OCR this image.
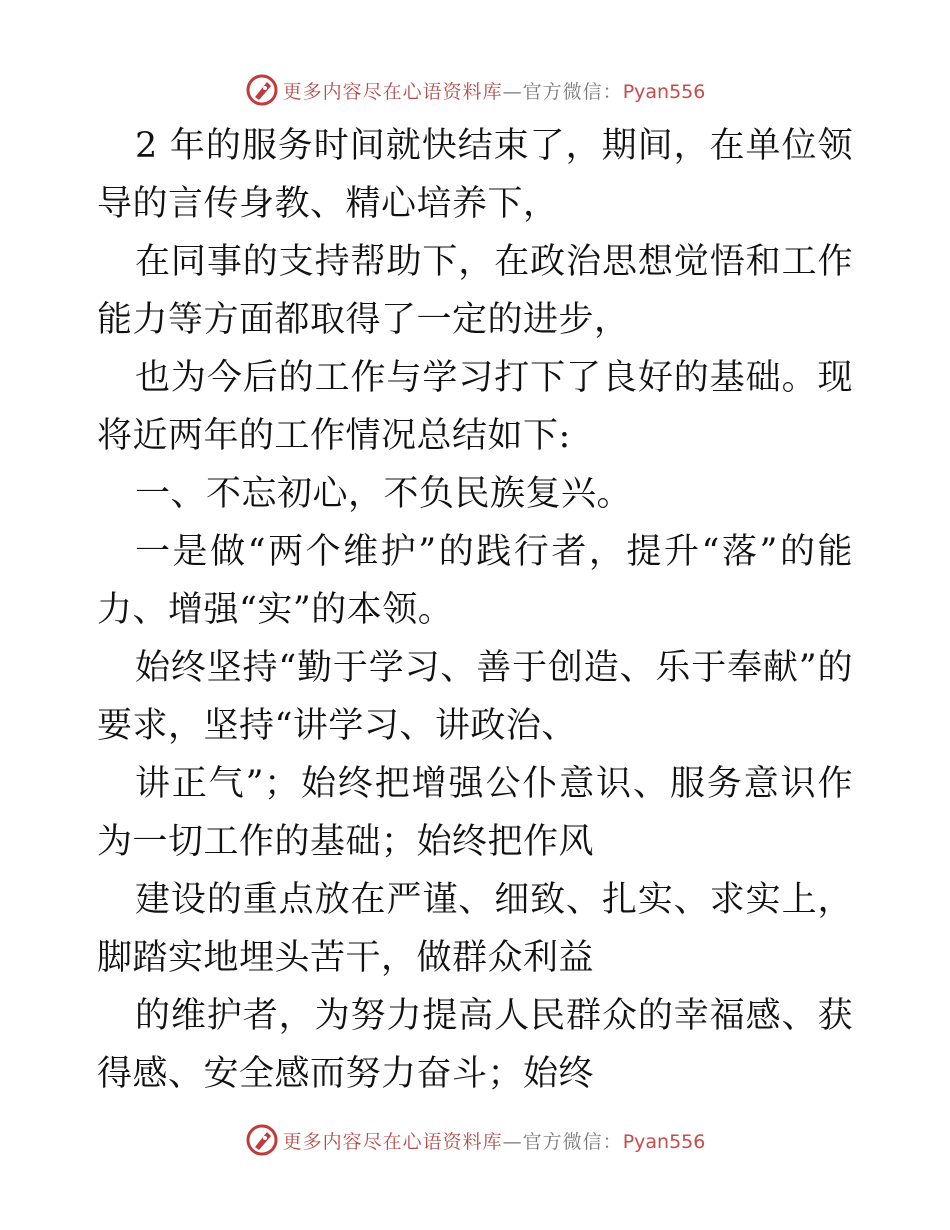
更多内容尽在心语资料库—官方微信：Pyan556

2 年的服务时间就快结束了，期间，在单位领导的言传身教、精心培养下，

在同事的支持帮助下，在政治思想觉悟和工作能力等方面都取得了一定的进步，

也为今后的工作与学习打下了良好的基础。现将近两年的工作情况总结如下:

一、不忘初心，不负民族复兴。

一是做“两个维护”的践行者，提升“落”的能力、增强“实”的本领。

始终坚持“勤于学习、善于创造、乐于奉献”的要求，坚持“讲学习、讲政治、

讲正气”；始终把增强公仆意识、服务意识作为一切工作的基础；始终把作风

建设的重点放在严谨、细致、扎实、求实上，脚踏实地埋头苦干，做群众利益

的维护者，为努力提高人民群众的幸福感、获得感、安全感而努力奋斗；始终

更多内容尽在心语资料库—官方微信：Pyan556
